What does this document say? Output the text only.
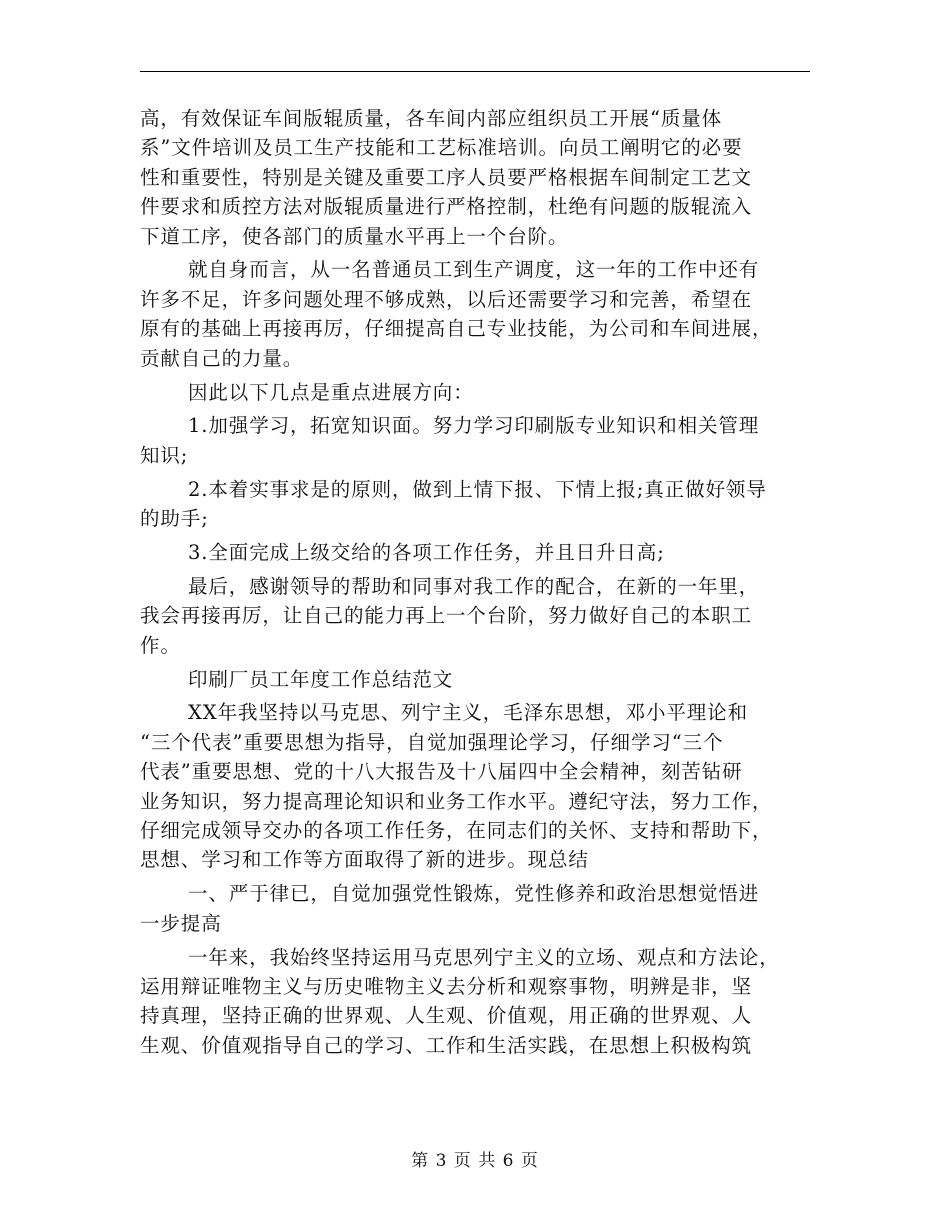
高，有效保证车间版辊质量，各车间内部应组织员工开展“质量体
系”文件培训及员工生产技能和工艺标准培训。向员工阐明它的必要
性和重要性，特别是关键及重要工序人员要严格根据车间制定工艺文
件要求和质控方法对版辊质量进行严格控制，杜绝有问题的版辊流入
下道工序，使各部门的质量水平再上一个台阶。
就自身而言，从一名普通员工到生产调度，这一年的工作中还有
许多不足，许多问题处理不够成熟，以后还需要学习和完善，希望在
原有的基础上再接再厉，仔细提高自己专业技能，为公司和车间进展，
贡献自己的力量。
因此以下几点是重点进展方向：
1.加强学习，拓宽知识面。努力学习印刷版专业知识和相关管理
知识;
2.本着实事求是的原则，做到上情下报、下情上报;真正做好领导
的助手;
3.全面完成上级交给的各项工作任务，并且日升日高;
最后，感谢领导的帮助和同事对我工作的配合，在新的一年里，
我会再接再厉，让自己的能力再上一个台阶，努力做好自己的本职工
作。
印刷厂员工年度工作总结范文
XX年我坚持以马克思、列宁主义，毛泽东思想，邓小平理论和
“三个代表”重要思想为指导，自觉加强理论学习，仔细学习“三个
代表”重要思想、党的十八大报告及十八届四中全会精神，刻苦钻研
业务知识，努力提高理论知识和业务工作水平。遵纪守法，努力工作，
仔细完成领导交办的各项工作任务，在同志们的关怀、支持和帮助下，
思想、学习和工作等方面取得了新的进步。现总结
一、严于律已，自觉加强党性锻炼，党性修养和政治思想觉悟进
一步提高
一年来，我始终坚持运用马克思列宁主义的立场、观点和方法论，
运用辩证唯物主义与历史唯物主义去分析和观察事物，明辨是非，坚
持真理，坚持正确的世界观、人生观、价值观，用正确的世界观、人
生观、价值观指导自己的学习、工作和生活实践，在思想上积极构筑
第 3 页 共 6 页
